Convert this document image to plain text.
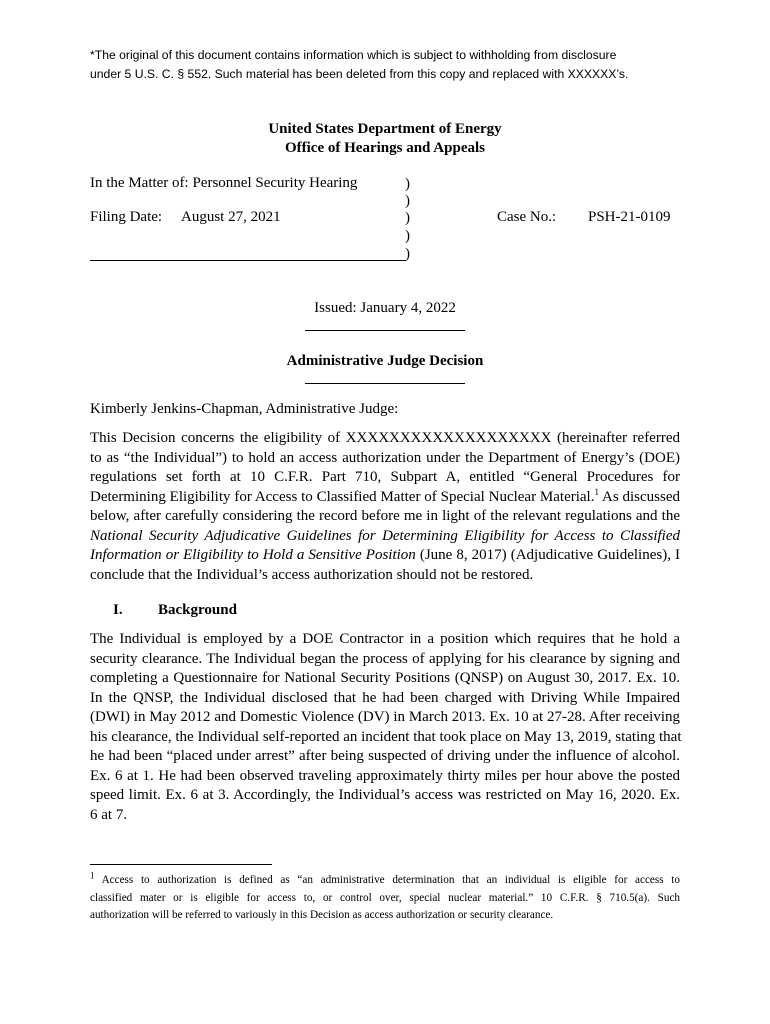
*The original of this document contains information which is subject to withholding from disclosure
under 5 U.S. C. § 552. Such material has been deleted from this copy and replaced with XXXXXX’s.
United States Department of Energy
Office of Hearings and Appeals
In the Matter of: Personnel Security Hearing
Filing Date: August 27, 2021	Case No.: PSH-21-0109
)
)
)
)
)
Issued: January 4, 2022
Administrative Judge Decision
Kimberly Jenkins-Chapman, Administrative Judge:
This Decision concerns the eligibility of XXXXXXXXXXXXXXXXXXX (hereinafter referred
to as “the Individual”) to hold an access authorization under the Department of Energy’s (DOE)
regulations set forth at 10 C.F.R. Part 710, Subpart A, entitled “General Procedures for
Determining Eligibility for Access to Classified Matter of Special Nuclear Material.$^1$ As discussed
below, after carefully considering the record before me in light of the relevant regulations and the
National Security Adjudicative Guidelines for Determining Eligibility for Access to Classified
Information or Eligibility to Hold a Sensitive Position (June 8, 2017) (Adjudicative Guidelines), I
conclude that the Individual’s access authorization should not be restored.
I. Background
The Individual is employed by a DOE Contractor in a position which requires that he hold a
security clearance. The Individual began the process of applying for his clearance by signing and
completing a Questionnaire for National Security Positions (QNSP) on August 30, 2017. Ex. 10.
In the QNSP, the Individual disclosed that he had been charged with Driving While Impaired
(DWI) in May 2012 and Domestic Violence (DV) in March 2013. Ex. 10 at 27-28. After receiving
his clearance, the Individual self-reported an incident that took place on May 13, 2019, stating that
he had been “placed under arrest” after being suspected of driving under the influence of alcohol.
Ex. 6 at 1. He had been observed traveling approximately thirty miles per hour above the posted
speed limit. Ex. 6 at 3. Accordingly, the Individual’s access was restricted on May 16, 2020. Ex.
6 at 7.
$^1$ Access to authorization is defined as “an administrative determination that an individual is eligible for access to
classified mater or is eligible for access to, or control over, special nuclear material.” 10 C.F.R. § 710.5(a). Such
authorization will be referred to variously in this Decision as access authorization or security clearance.
